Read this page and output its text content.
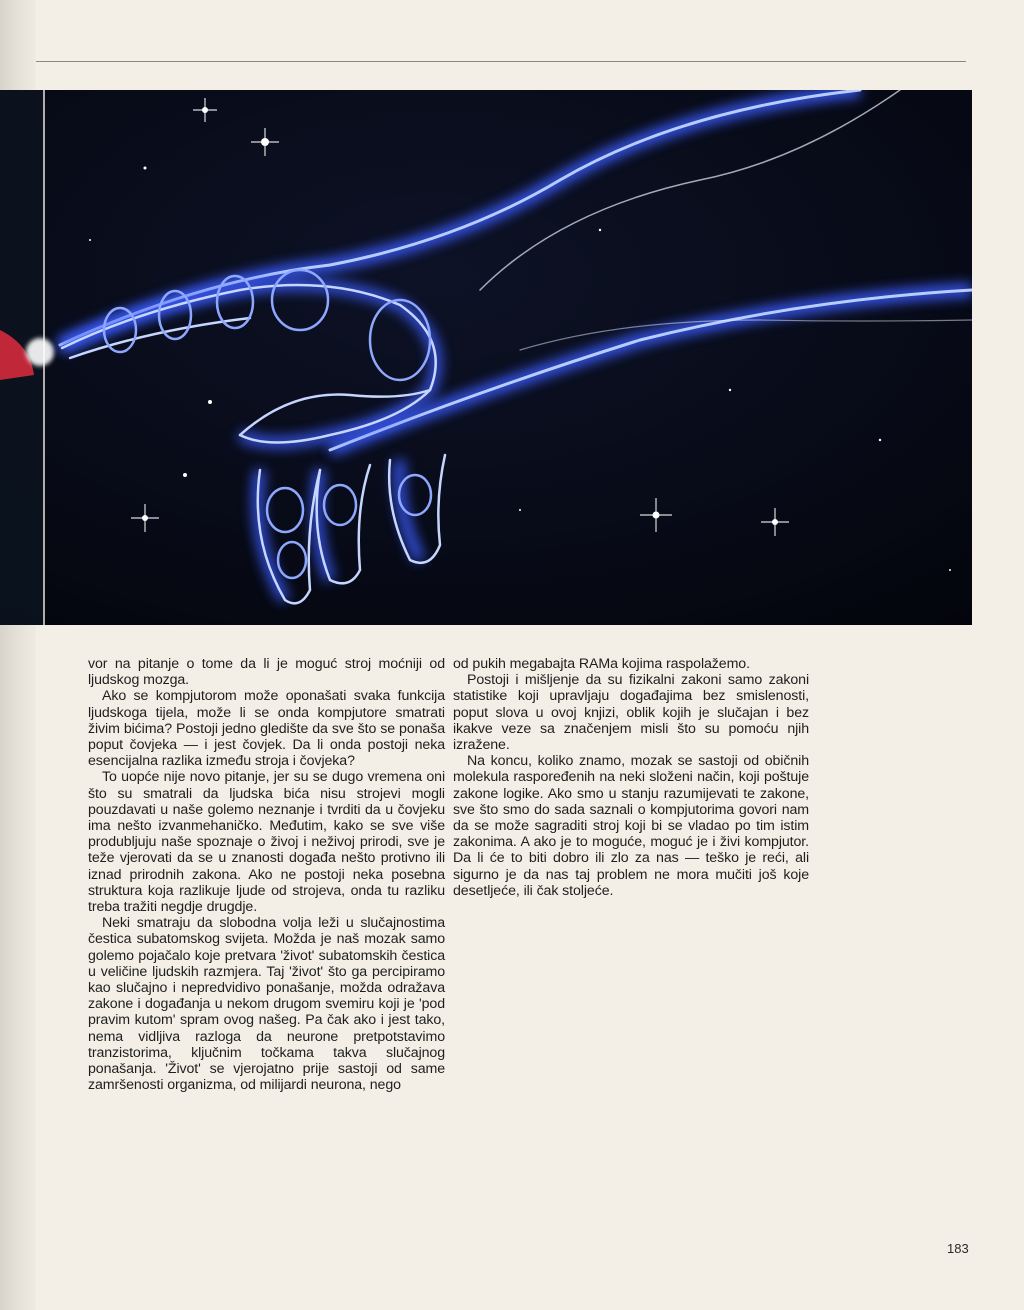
vor na pitanje o tome da li je moguć stroj moćniji od ljudskog mozga.

Ako se kompjutorom može oponašati svaka funkcija ljudskoga tijela, može li se onda kompjutore smatrati živim bićima? Postoji jedno gledište da sve što se ponaša poput čovjeka — i jest čovjek. Da li onda postoji neka esencijalna razlika između stroja i čovjeka?

To uopće nije novo pitanje, jer su se dugo vremena oni što su smatrali da ljudska bića nisu strojevi mogli pouzdavati u naše golemo neznanje i tvrditi da u čovjeku ima nešto izvanmehaničko. Međutim, kako se sve više produbljuju naše spoznaje o živoj i neživoj prirodi, sve je teže vjerovati da se u znanosti događa nešto protivno ili iznad prirodnih zakona. Ako ne postoji neka posebna struktura koja razlikuje ljude od strojeva, onda tu razliku treba tražiti negdje drugdje.

Neki smatraju da slobodna volja leži u slučajnostima čestica subatomskog svijeta. Možda je naš mozak samo golemo pojačalo koje pretvara 'život' subatomskih čestica u veličine ljudskih razmjera. Taj 'život' što ga percipiramo kao slučajno i nepredvidivo ponašanje, možda odražava zakone i događanja u nekom drugom svemiru koji je 'pod pravim kutom' spram ovog našeg. Pa čak ako i jest tako, nema vidljiva razloga da neurone pretpotstavimo tranzistorima, ključnim točkama takva slučajnog ponašanja. 'Život' se vjerojatno prije sastoji od same zamršenosti organizma, od milijardi neurona, nego

od pukih megabajta RAMa kojima raspolažemo.

Postoji i mišljenje da su fizikalni zakoni samo zakoni statistike koji upravljaju događajima bez smislenosti, poput slova u ovoj knjizi, oblik kojih je slučajan i bez ikakve veze sa značenjem misli što su pomoću njih izražene.

Na koncu, koliko znamo, mozak se sastoji od običnih molekula raspoređenih na neki složeni način, koji poštuje zakone logike. Ako smo u stanju razumijevati te zakone, sve što smo do sada saznali o kompjutorima govori nam da se može sagraditi stroj koji bi se vladao po tim istim zakonima. A ako je to moguće, moguć je i živi kompjutor. Da li će to biti dobro ili zlo za nas — teško je reći, ali sigurno je da nas taj problem ne mora mučiti još koje desetljeće, ili čak stoljeće.

183
